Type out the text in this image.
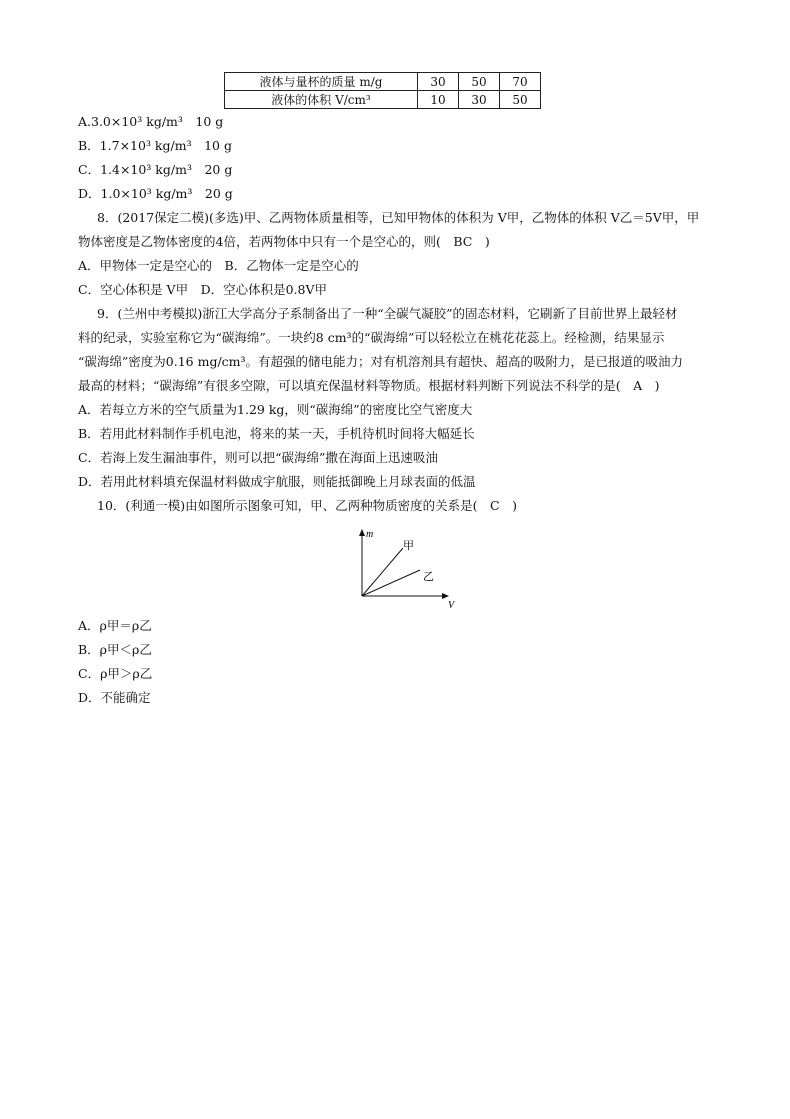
液体与量杯的质量 m/g	30	50	70
液体的体积 V/cm³	10	30	50
A.3.0×10³ kg/m³　10 g
B．1.7×10³ kg/m³　10 g
C．1.4×10³ kg/m³　20 g
D．1.0×10³ kg/m³　20 g
8．(2017保定二模)(多选)甲、乙两物体质量相等，已知甲物体的体积为 V甲，乙物体的体积 V乙＝5V甲，甲
物体密度是乙物体密度的4倍，若两物体中只有一个是空心的，则(　BC　)
A．甲物体一定是空心的　B．乙物体一定是空心的
C．空心体积是 V甲　D．空心体积是0.8V甲
9．(兰州中考模拟)浙江大学高分子系制备出了一种“全碳气凝胶”的固态材料，它刷新了目前世界上最轻材
料的纪录，实验室称它为“碳海绵”。一块约8 cm³的“碳海绵”可以轻松立在桃花花蕊上。经检测，结果显示
“碳海绵”密度为0.16 mg/cm³。有超强的储电能力；对有机溶剂具有超快、超高的吸附力，是已报道的吸油力
最高的材料；“碳海绵”有很多空隙，可以填充保温材料等物质。根据材料判断下列说法不科学的是(　A　)
A．若每立方米的空气质量为1.29 kg，则“碳海绵”的密度比空气密度大
B．若用此材料制作手机电池，将来的某一天，手机待机时间将大幅延长
C．若海上发生漏油事件，则可以把“碳海绵”撒在海面上迅速吸油
D．若用此材料填充保温材料做成宇航服，则能抵御晚上月球表面的低温
10．(利通一模)由如图所示图象可知，甲、乙两种物质密度的关系是(　C　)
m
V
甲
乙
A．ρ甲＝ρ乙
B．ρ甲＜ρ乙
C．ρ甲＞ρ乙
D．不能确定
